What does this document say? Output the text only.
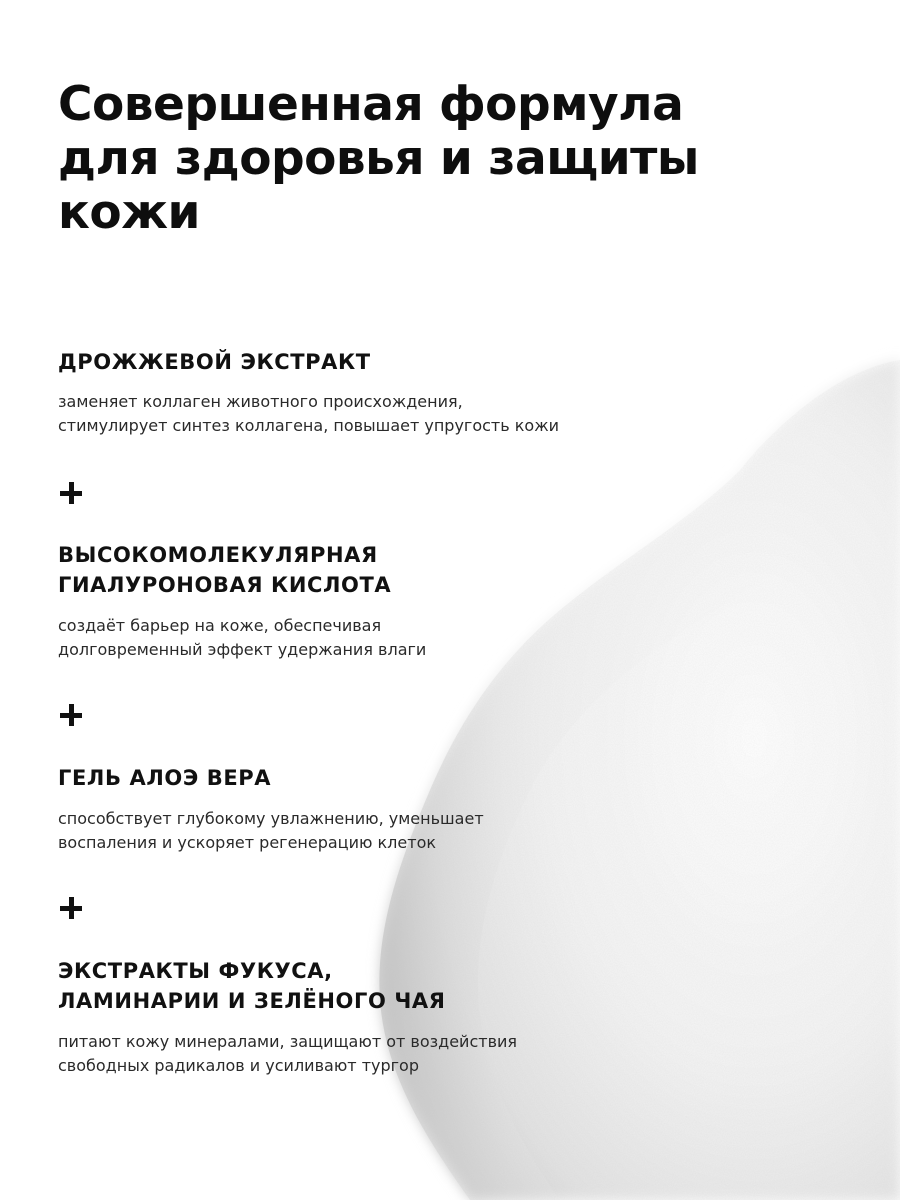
Совершенная формула
для здоровья и защиты
кожи
ДРОЖЖЕВОЙ ЭКСТРАКТ

заменяет коллаген животного происхождения,
стимулирует синтез коллагена, повышает упругость кожи

ВЫСОКОМОЛЕКУЛЯРНАЯ
ГИАЛУРОНОВАЯ КИСЛОТА

создаёт барьер на коже, обеспечивая
долговременный эффект удержания влаги

ГЕЛЬ АЛОЭ ВЕРА

способствует глубокому увлажнению, уменьшает
воспаления и ускоряет регенерацию клеток

ЭКСТРАКТЫ ФУКУСА,
ЛАМИНАРИИ И ЗЕЛЁНОГО ЧАЯ

питают кожу минералами, защищают от воздействия
свободных радикалов и усиливают тургор
